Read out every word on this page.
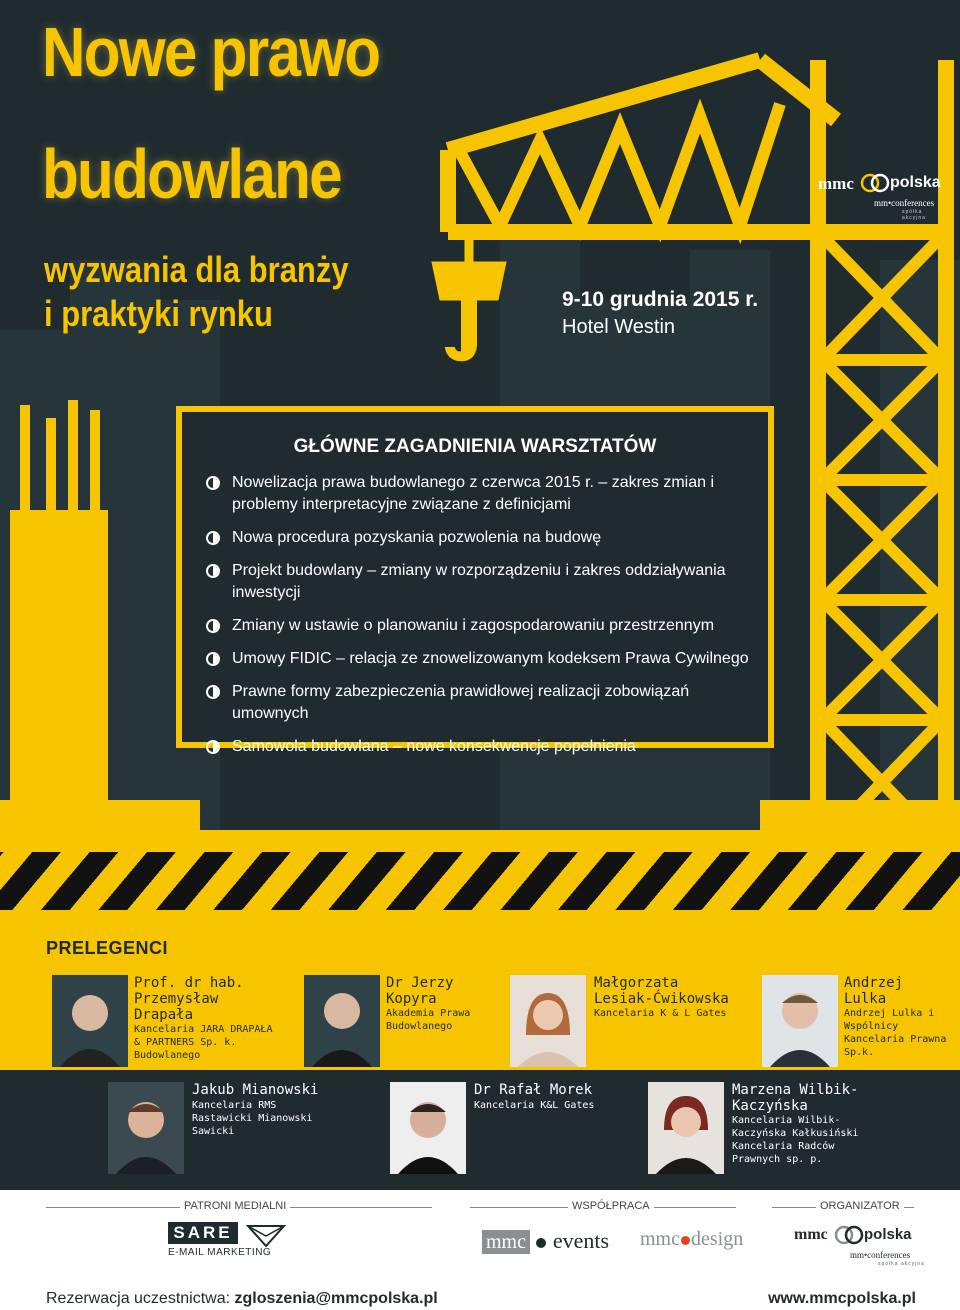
Nowe prawo
budowlane
wyzwania dla branży
i praktyki rynku	9-10 grudnia 2015 r.
Hotel Westin
mmc polska
mm•conferences
spółka akcyjna
GŁÓWNE ZAGADNIENIA WARSZTATÓW
Nowelizacja prawa budowlanego z czerwca 2015 r. – zakres zmian i problemy interpretacyjne związane z definicjami
Nowa procedura pozyskania pozwolenia na budowę
Projekt budowlany – zmiany w rozporządzeniu i zakres oddziaływania inwestycji
Zmiany w ustawie o planowaniu i zagospodarowaniu przestrzennym
Umowy FIDIC – relacja ze znowelizowanym kodeksem Prawa Cywilnego
Prawne formy zabezpieczenia prawidłowej realizacji zobowiązań umownych
Samowola budowlana – nowe konsekwencje popełnienia
PRELEGENCI
Prof. dr hab. Przemysław Drapała
Kancelaria JARA DRAPAŁA & PARTNERS Sp. k. Budowlanego
Dr Jerzy Kopyra
Akademia Prawa Budowlanego
Małgorzata Lesiak-Ćwikowska
Kancelaria K & L Gates
Andrzej Lulka
Andrzej Lulka i Wspólnicy Kancelaria Prawna Sp.k.
Jakub Mianowski
Kancelaria RMS Rastawicki Mianowski Sawicki
Dr Rafał Morek
Kancelaria K&L Gates
Marzena Wilbik-Kaczyńska
Kancelaria Wilbik-Kaczyńska Kałkusiński Kancelaria Radców Prawnych sp. p.
PATRONI MEDIALNI	WSPÓŁPRACA	ORGANIZATOR
SARE
E-MAIL MARKETING	mmc events mmc design	mmc polska
mm•conferences
spółka akcyjna
Rezerwacja uczestnictwa: zgloszenia@mmcpolska.pl	www.mmcpolska.pl
